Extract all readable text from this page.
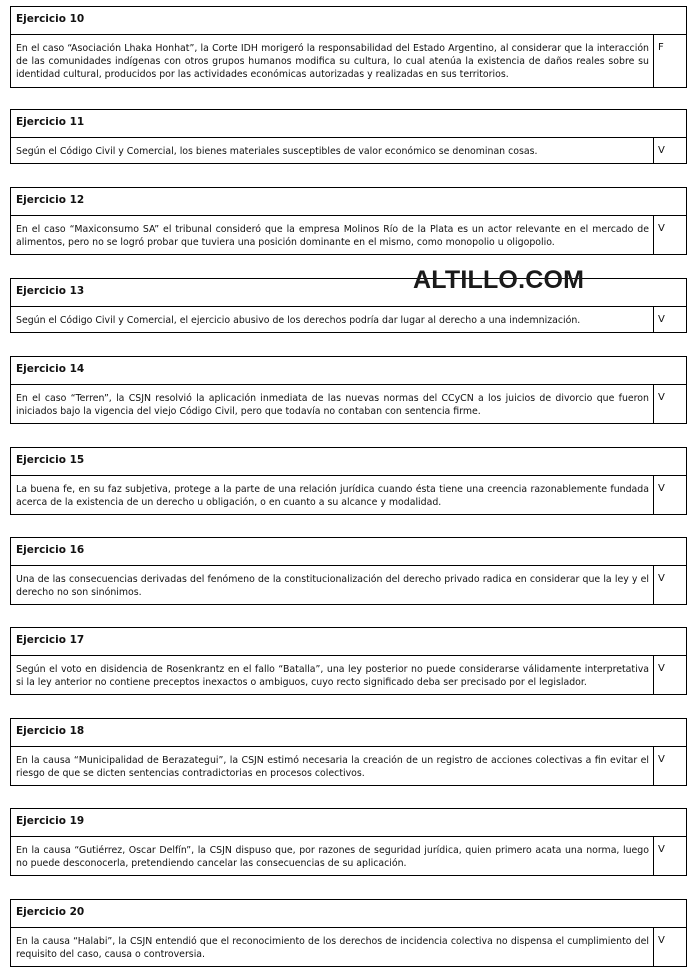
Ejercicio 10
En el caso “Asociación Lhaka Honhat”, la Corte IDH morigeró la responsabilidad del Estado Argentino, al considerar que la interacción de las comunidades indígenas con otros grupos humanos modifica su cultura, lo cual atenúa la existencia de daños reales sobre su identidad cultural, producidos por las actividades económicas autorizadas y realizadas en sus territorios.
F
Ejercicio 11
Según el Código Civil y Comercial, los bienes materiales susceptibles de valor económico se denominan cosas.	V
Ejercicio 12
En el caso “Maxiconsumo SA” el tribunal consideró que la empresa Molinos Río de la Plata es un actor relevante en el mercado de alimentos, pero no se logró probar que tuviera una posición dominante en el mismo, como monopolio u oligopolio.
V
Ejercicio 13
Según el Código Civil y Comercial, el ejercicio abusivo de los derechos podría dar lugar al derecho a una indemnización.	V
Ejercicio 14
En el caso “Terren”, la CSJN resolvió la aplicación inmediata de las nuevas normas del CCyCN a los juicios de divorcio que fueron iniciados bajo la vigencia del viejo Código Civil, pero que todavía no contaban con sentencia firme.
V
Ejercicio 15
La buena fe, en su faz subjetiva, protege a la parte de una relación jurídica cuando ésta tiene una creencia razonablemente fundada acerca de la existencia de un derecho u obligación, o en cuanto a su alcance y modalidad.
V
Ejercicio 16
Una de las consecuencias derivadas del fenómeno de la constitucionalización del derecho privado radica en considerar que la ley y el derecho no son sinónimos.
V
Ejercicio 17
Según el voto en disidencia de Rosenkrantz en el fallo “Batalla”, una ley posterior no puede considerarse válidamente interpretativa si la ley anterior no contiene preceptos inexactos o ambiguos, cuyo recto significado deba ser precisado por el legislador.
V
Ejercicio 18
En la causa “Municipalidad de Berazategui”, la CSJN estimó necesaria la creación de un registro de acciones colectivas a fin evitar el riesgo de que se dicten sentencias contradictorias en procesos colectivos.
V
Ejercicio 19
En la causa “Gutiérrez, Oscar Delfín”, la CSJN dispuso que, por razones de seguridad jurídica, quien primero acata una norma, luego no puede desconocerla, pretendiendo cancelar las consecuencias de su aplicación.
V
Ejercicio 20
En la causa “Halabi”, la CSJN entendió que el reconocimiento de los derechos de incidencia colectiva no dispensa el cumplimiento del requisito del caso, causa o controversia.
V
ALTILLO.COM
